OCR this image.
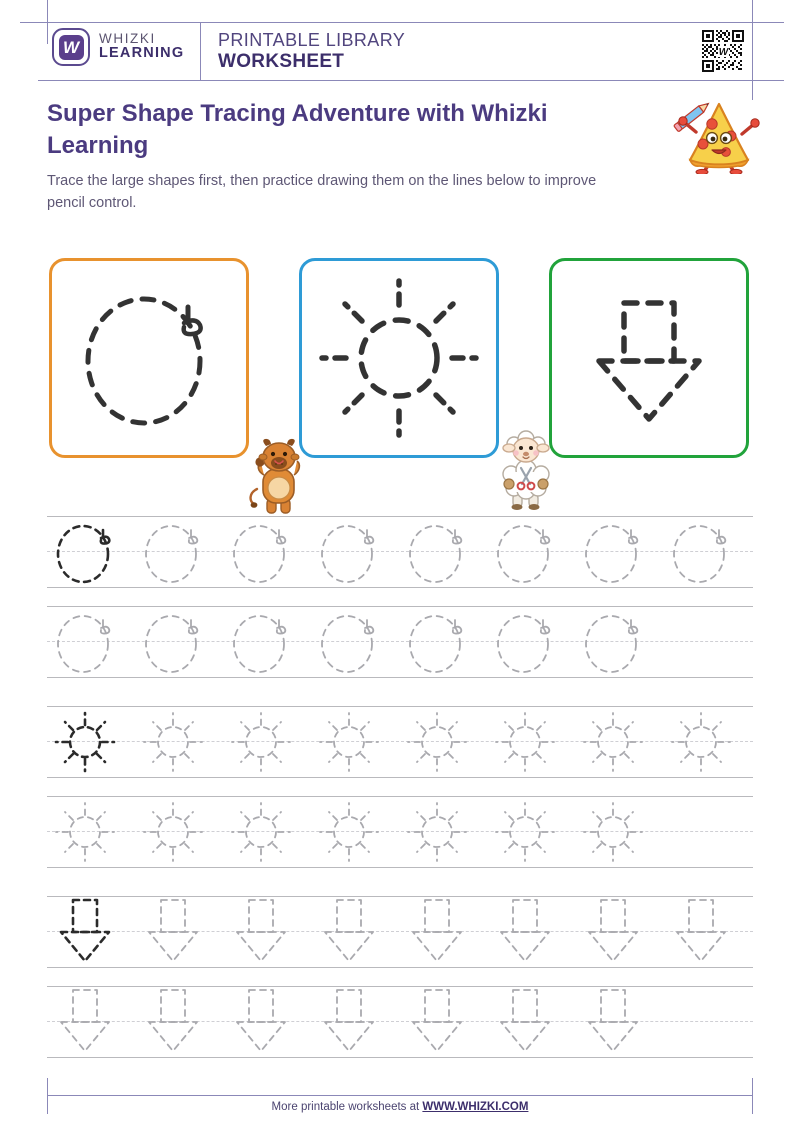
W	WHIZKI
LEARNING
PRINTABLE LIBRARY
WORKSHEET	W
Super Shape Tracing Adventure with Whizki Learning
Trace the large shapes first, then practice drawing them on the lines below to improve pencil control.
More printable worksheets at WWW.WHIZKI.COM
